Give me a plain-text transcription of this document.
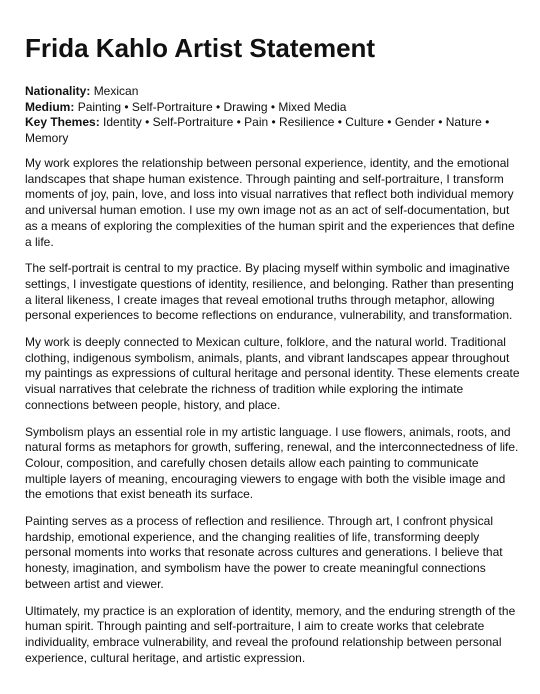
Frida Kahlo Artist Statement
Nationality: Mexican
Medium: Painting • Self-Portraiture • Drawing • Mixed Media
Key Themes: Identity • Self-Portraiture • Pain • Resilience • Culture • Gender • Nature • Memory

My work explores the relationship between personal experience, identity, and the emotional landscapes that shape human existence. Through painting and self-portraiture, I transform moments of joy, pain, love, and loss into visual narratives that reflect both individual memory and universal human emotion. I use my own image not as an act of self-documentation, but as a means of exploring the complexities of the human spirit and the experiences that define a life.

The self-portrait is central to my practice. By placing myself within symbolic and imaginative settings, I investigate questions of identity, resilience, and belonging. Rather than presenting a literal likeness, I create images that reveal emotional truths through metaphor, allowing personal experiences to become reflections on endurance, vulnerability, and transformation.

My work is deeply connected to Mexican culture, folklore, and the natural world. Traditional clothing, indigenous symbolism, animals, plants, and vibrant landscapes appear throughout my paintings as expressions of cultural heritage and personal identity. These elements create visual narratives that celebrate the richness of tradition while exploring the intimate connections between people, history, and place.

Symbolism plays an essential role in my artistic language. I use flowers, animals, roots, and natural forms as metaphors for growth, suffering, renewal, and the interconnectedness of life. Colour, composition, and carefully chosen details allow each painting to communicate multiple layers of meaning, encouraging viewers to engage with both the visible image and the emotions that exist beneath its surface.

Painting serves as a process of reflection and resilience. Through art, I confront physical hardship, emotional experience, and the changing realities of life, transforming deeply personal moments into works that resonate across cultures and generations. I believe that honesty, imagination, and symbolism have the power to create meaningful connections between artist and viewer.

Ultimately, my practice is an exploration of identity, memory, and the enduring strength of the human spirit. Through painting and self-portraiture, I aim to create works that celebrate individuality, embrace vulnerability, and reveal the profound relationship between personal experience, cultural heritage, and artistic expression.
